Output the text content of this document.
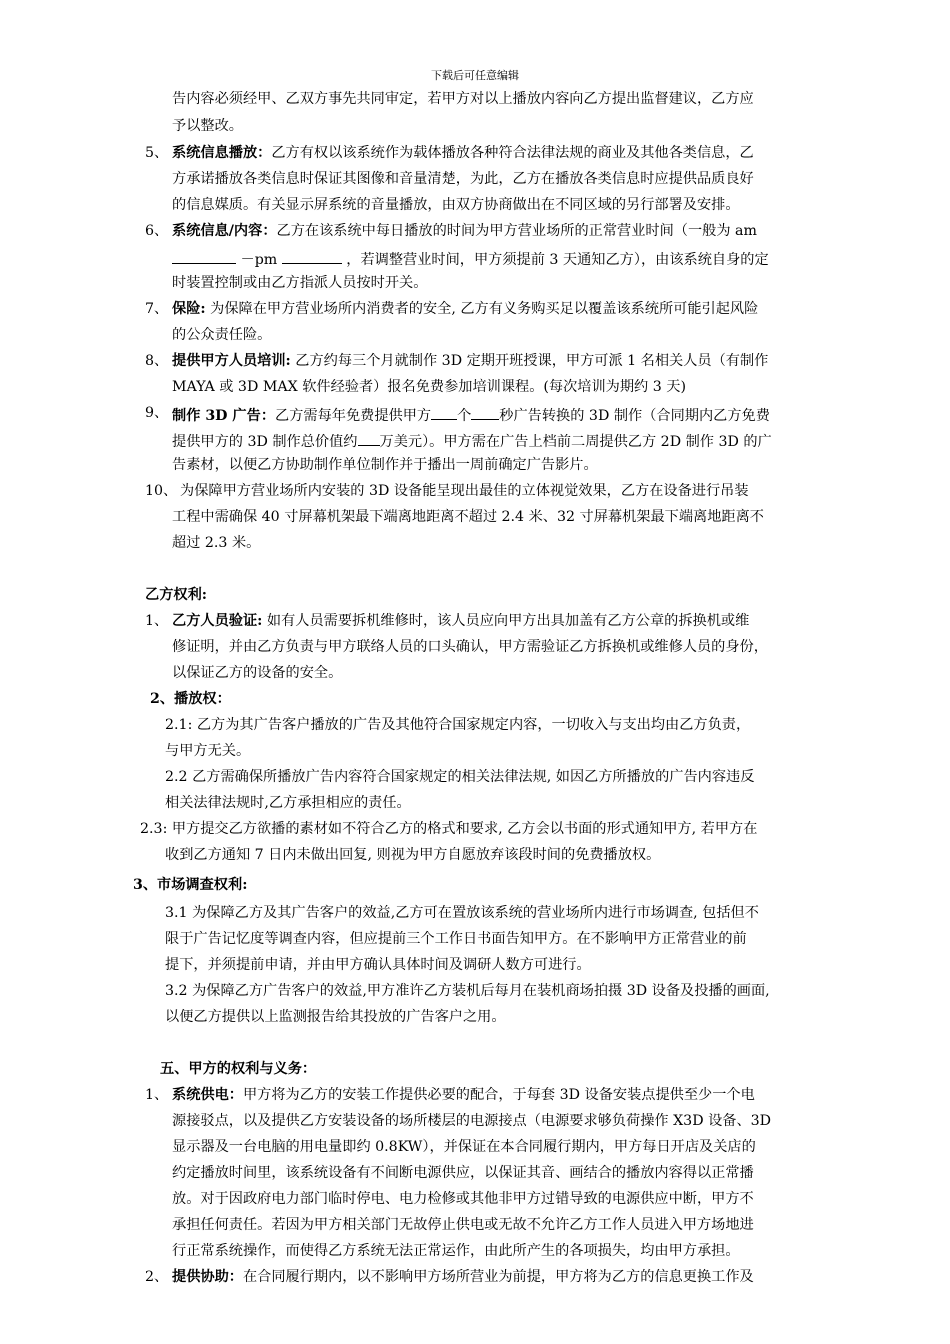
下载后可任意编辑
告内容必须经甲、乙双方事先共同审定，若甲方对以上播放内容向乙方提出监督建议，乙方应
予以整改。
5、 系统信息播放：乙方有权以该系统作为载体播放各种符合法律法规的商业及其他各类信息，乙
方承诺播放各类信息时保证其图像和音量清楚，为此，乙方在播放各类信息时应提供品质良好
的信息媒质。有关显示屏系统的音量播放，由双方协商做出在不同区域的另行部署及安排。
6、 系统信息/内容：乙方在该系统中每日播放的时间为甲方营业场所的正常营业时间（一般为 am
－pm	，若调整营业时间，甲方须提前 3 天通知乙方），由该系统自身的定
时装置控制或由乙方指派人员按时开关。
7、 保险: 为保障在甲方营业场所内消费者的安全, 乙方有义务购买足以覆盖该系统所可能引起风险
的公众责任险。
8、 提供甲方人员培训: 乙方约每三个月就制作 3D 定期开班授课，甲方可派 1 名相关人员（有制作
MAYA 或 3D MAX 软件经验者）报名免费参加培训课程。(每次培训为期约 3 天)
9、 制作 3D 广告：乙方需每年免费提供甲方 个 秒广告转换的 3D 制作（合同期内乙方免费
提供甲方的 3D 制作总价值约 万美元）。甲方需在广告上档前二周提供乙方 2D 制作 3D 的广
告素材，以便乙方协助制作单位制作并于播出一周前确定广告影片。
10、 为保障甲方营业场所内安装的 3D 设备能呈现出最佳的立体视觉效果，乙方在设备进行吊装
工程中需确保 40 寸屏幕机架最下端离地距离不超过 2.4 米、32 寸屏幕机架最下端离地距离不
超过 2.3 米。
乙方权利:
1、 乙方人员验证: 如有人员需要拆机维修时，该人员应向甲方出具加盖有乙方公章的拆换机或维
修证明，并由乙方负责与甲方联络人员的口头确认，甲方需验证乙方拆换机或维修人员的身份，
以保证乙方的设备的安全。
2、播放权：
2.1: 乙方为其广告客户播放的广告及其他符合国家规定内容，一切收入与支出均由乙方负责，
与甲方无关。
2.2 乙方需确保所播放广告内容符合国家规定的相关法律法规, 如因乙方所播放的广告内容违反
相关法律法规时,乙方承担相应的责任。
2.3: 甲方提交乙方欲播的素材如不符合乙方的格式和要求, 乙方会以书面的形式通知甲方, 若甲方在
收到乙方通知 7 日内未做出回复, 则视为甲方自愿放弃该段时间的免费播放权。
3、市场调查权利:
3.1 为保障乙方及其广告客户的效益,乙方可在置放该系统的营业场所内进行市场调查, 包括但不
限于广告记忆度等调查内容，但应提前三个工作日书面告知甲方。在不影响甲方正常营业的前
提下，并须提前申请，并由甲方确认具体时间及调研人数方可进行。
3.2 为保障乙方广告客户的效益,甲方准许乙方装机后每月在装机商场拍摄 3D 设备及投播的画面,
以便乙方提供以上监测报告给其投放的广告客户之用。
五、甲方的权利与义务：
1、 系统供电：甲方将为乙方的安装工作提供必要的配合，于每套 3D 设备安装点提供至少一个电
源接驳点，以及提供乙方安装设备的场所楼层的电源接点（电源要求够负荷操作 X3D 设备、3D
显示器及一台电脑的用电量即约 0.8KW），并保证在本合同履行期内，甲方每日开店及关店的
约定播放时间里，该系统设备有不间断电源供应，以保证其音、画结合的播放内容得以正常播
放。对于因政府电力部门临时停电、电力检修或其他非甲方过错导致的电源供应中断，甲方不
承担任何责任。若因为甲方相关部门无故停止供电或无故不允许乙方工作人员进入甲方场地进
行正常系统操作，而使得乙方系统无法正常运作，由此所产生的各项损失，均由甲方承担。
2、 提供协助：在合同履行期内，以不影响甲方场所营业为前提，甲方将为乙方的信息更换工作及
